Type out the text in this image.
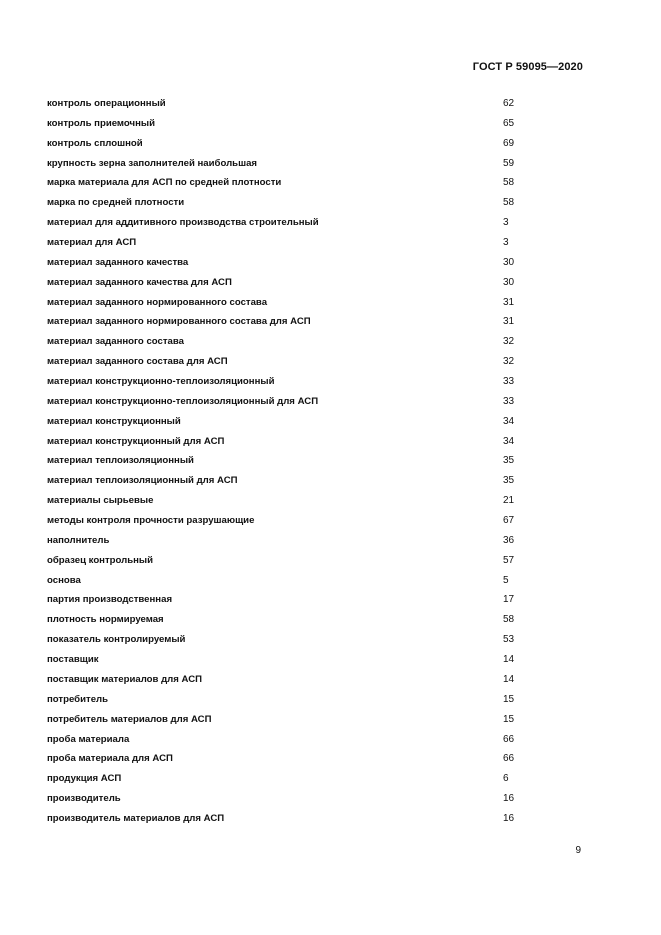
ГОСТ Р 59095—2020
контроль операционный	62
контроль приемочный	65
контроль сплошной	69
крупность зерна заполнителей наибольшая	59
марка материала для АСП по средней плотности	58
марка по средней плотности	58
материал для аддитивного производства строительный	3
материал для АСП	3
материал заданного качества	30
материал заданного качества для АСП	30
материал заданного нормированного состава	31
материал заданного нормированного состава для АСП	31
материал заданного состава	32
материал заданного состава для АСП	32
материал конструкционно-теплоизоляционный	33
материал конструкционно-теплоизоляционный для АСП	33
материал конструкционный	34
материал конструкционный для АСП	34
материал теплоизоляционный	35
материал теплоизоляционный для АСП	35
материалы сырьевые	21
методы контроля прочности разрушающие	67
наполнитель	36
образец контрольный	57
основа	5
партия производственная	17
плотность нормируемая	58
показатель контролируемый	53
поставщик	14
поставщик материалов для АСП	14
потребитель	15
потребитель материалов для АСП	15
проба материала	66
проба материала для АСП	66
продукция АСП	6
производитель	16
производитель материалов для АСП	16
9
